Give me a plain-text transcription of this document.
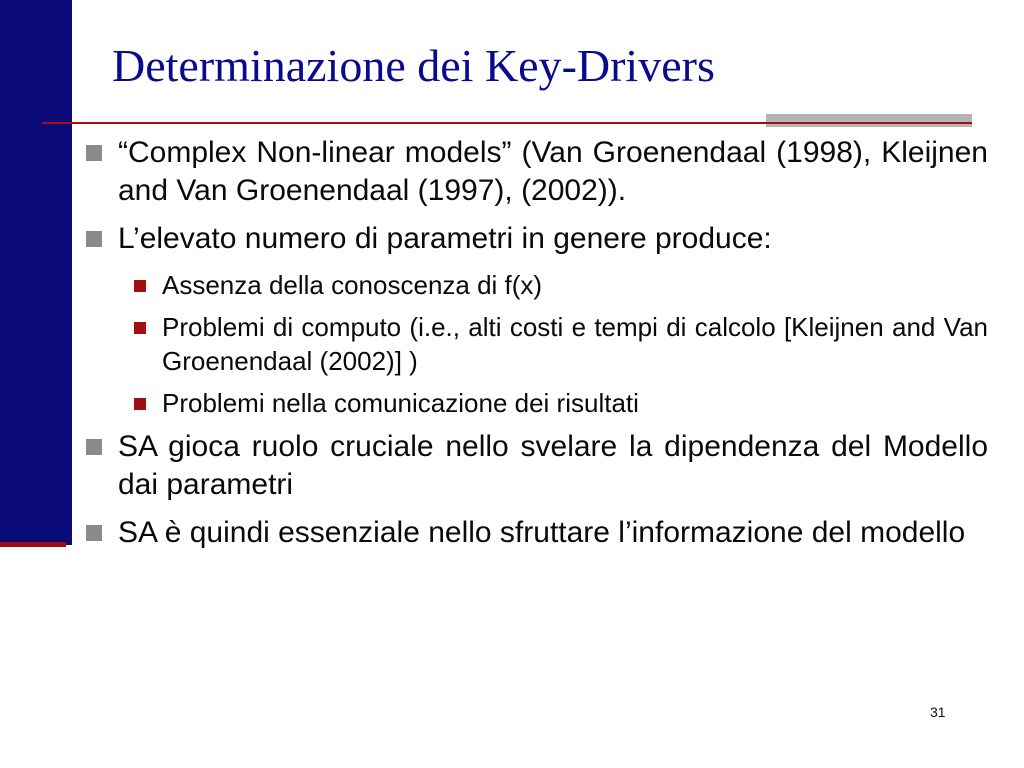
Determinazione dei Key-Drivers
“Complex Non-linear models” (Van Groenendaal (1998), Kleijnen and Van Groenendaal (1997), (2002)).
L’elevato numero di parametri in genere produce:
Assenza della conoscenza di f(x)
Problemi di computo (i.e., alti costi e tempi di calcolo [Kleijnen and Van Groenendaal (2002)] )
Problemi nella comunicazione dei risultati
SA gioca ruolo cruciale nello svelare la dipendenza del Modello dai parametri
SA è quindi essenziale nello sfruttare l’informazione del modello
31
